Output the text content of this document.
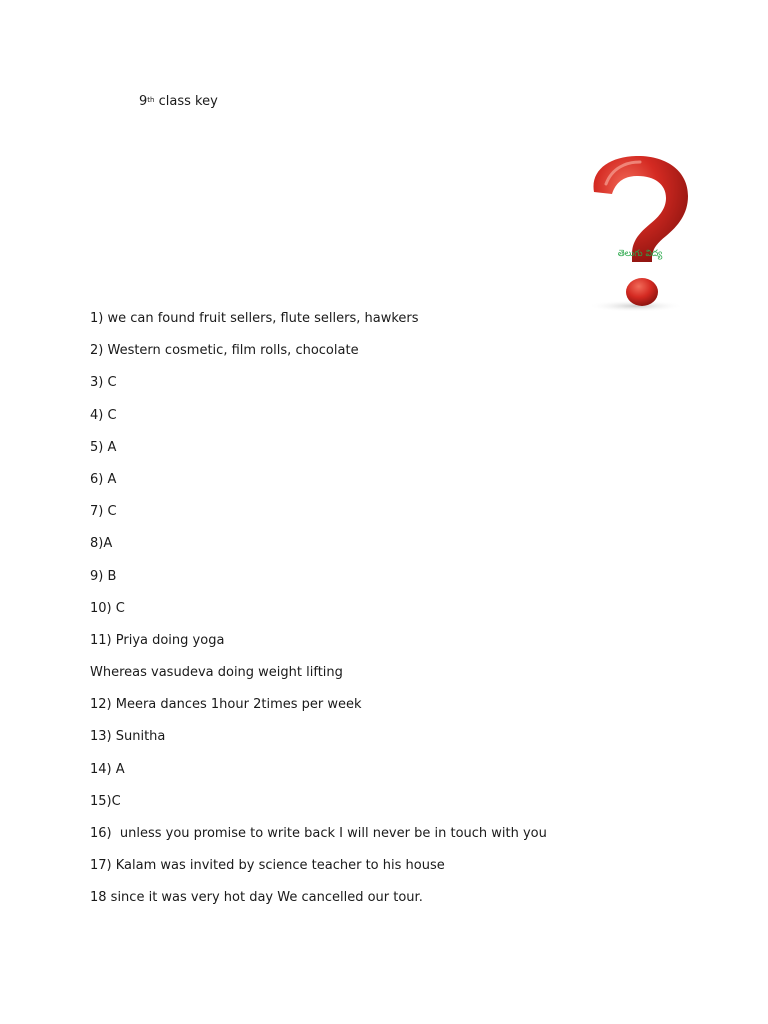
9th class key
తెలుగు విద్య
1) we can found fruit sellers, flute sellers, hawkers
2) Western cosmetic, film rolls, chocolate
3) C
4) C
5) A
6) A
7) C
8)A
9) B
10) C
11) Priya doing yoga
Whereas vasudeva doing weight lifting
12) Meera dances 1hour 2times per week
13) Sunitha
14) A
15)C
16)  unless you promise to write back I will never be in touch with you
17) Kalam was invited by science teacher to his house
18 since it was very hot day We cancelled our tour.
